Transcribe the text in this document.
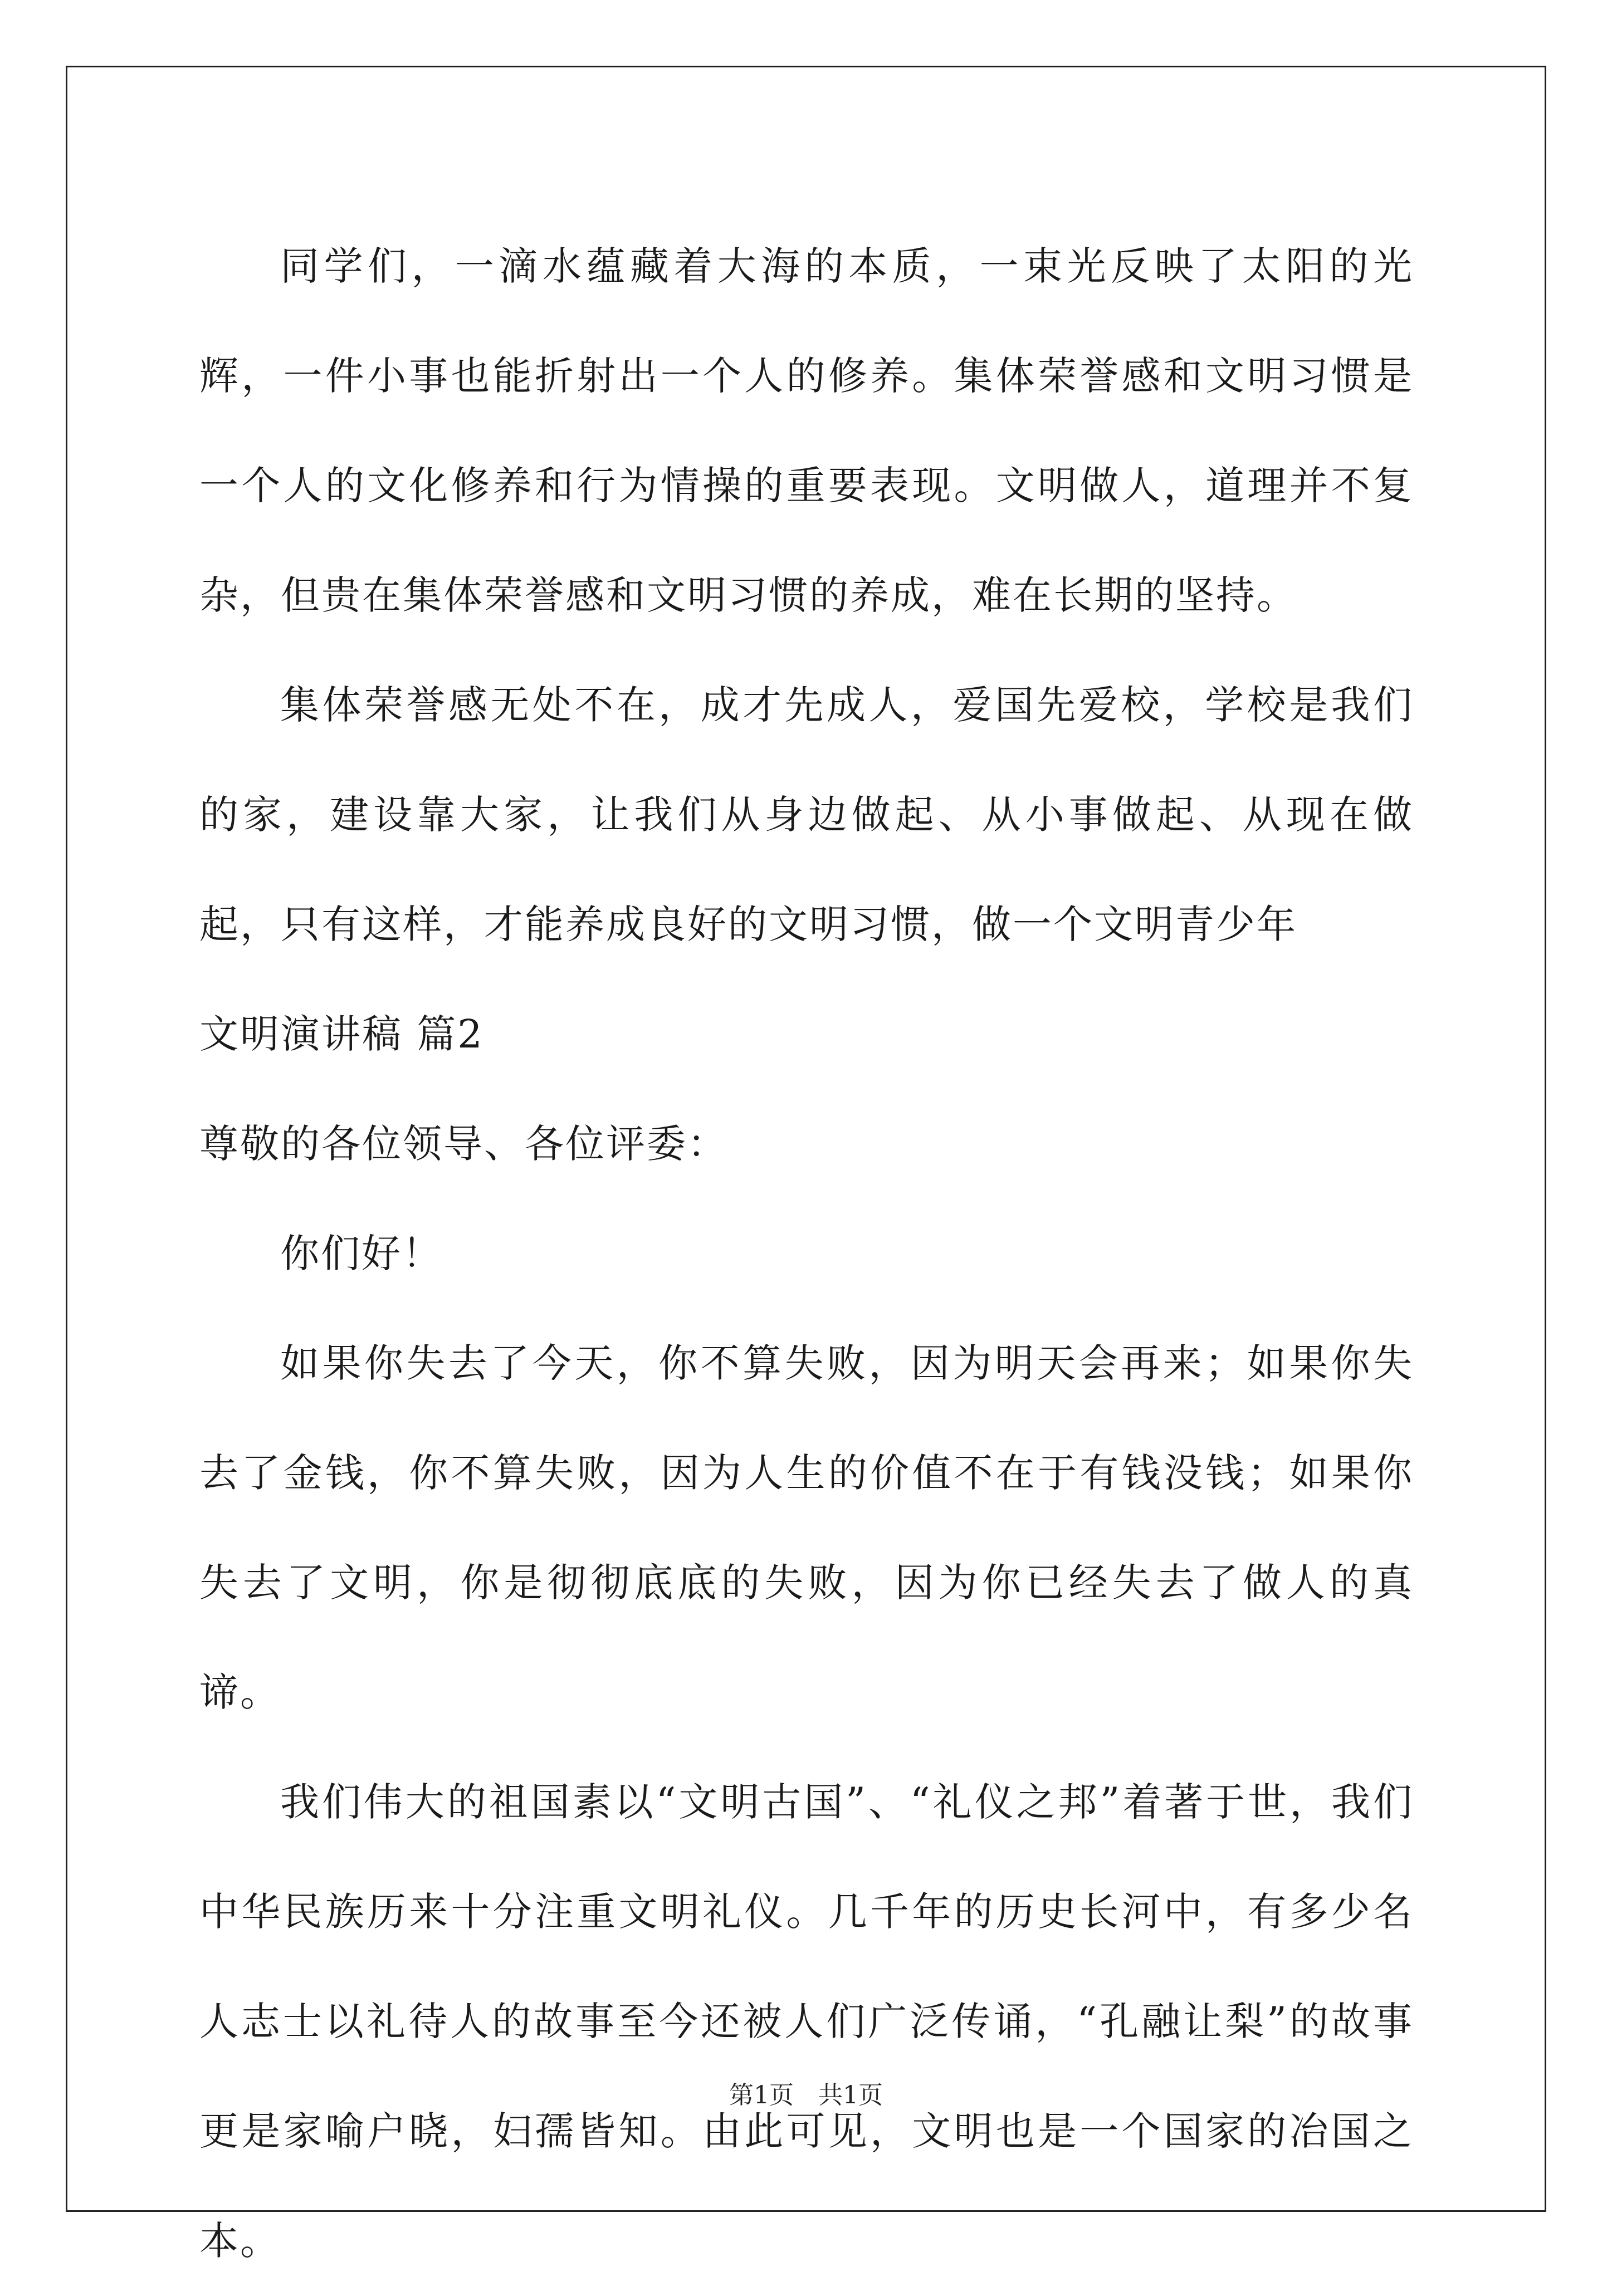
同学们，一滴水蕴藏着大海的本质，一束光反映了太阳的光辉，一件小事也能折射出一个人的修养。集体荣誉感和文明习惯是一个人的文化修养和行为情操的重要表现。文明做人，道理并不复杂，但贵在集体荣誉感和文明习惯的养成，难在长期的坚持。

集体荣誉感无处不在，成才先成人，爱国先爱校，学校是我们的家，建设靠大家，让我们从身边做起、从小事做起、从现在做起，只有这样，才能养成良好的文明习惯，做一个文明青少年

文明演讲稿 篇2

尊敬的各位领导、各位评委：

你们好！

如果你失去了今天，你不算失败，因为明天会再来；如果你失去了金钱，你不算失败，因为人生的价值不在于有钱没钱；如果你失去了文明，你是彻彻底底的失败，因为你已经失去了做人的真谛。

我们伟大的祖国素以“文明古国”、“礼仪之邦”着著于世，我们中华民族历来十分注重文明礼仪。几千年的历史长河中，有多少名人志士以礼待人的故事至今还被人们广泛传诵，“孔融让梨”的故事更是家喻户晓，妇孺皆知。由此可见，文明也是一个国家的冶国之本。

第1页　共1页
